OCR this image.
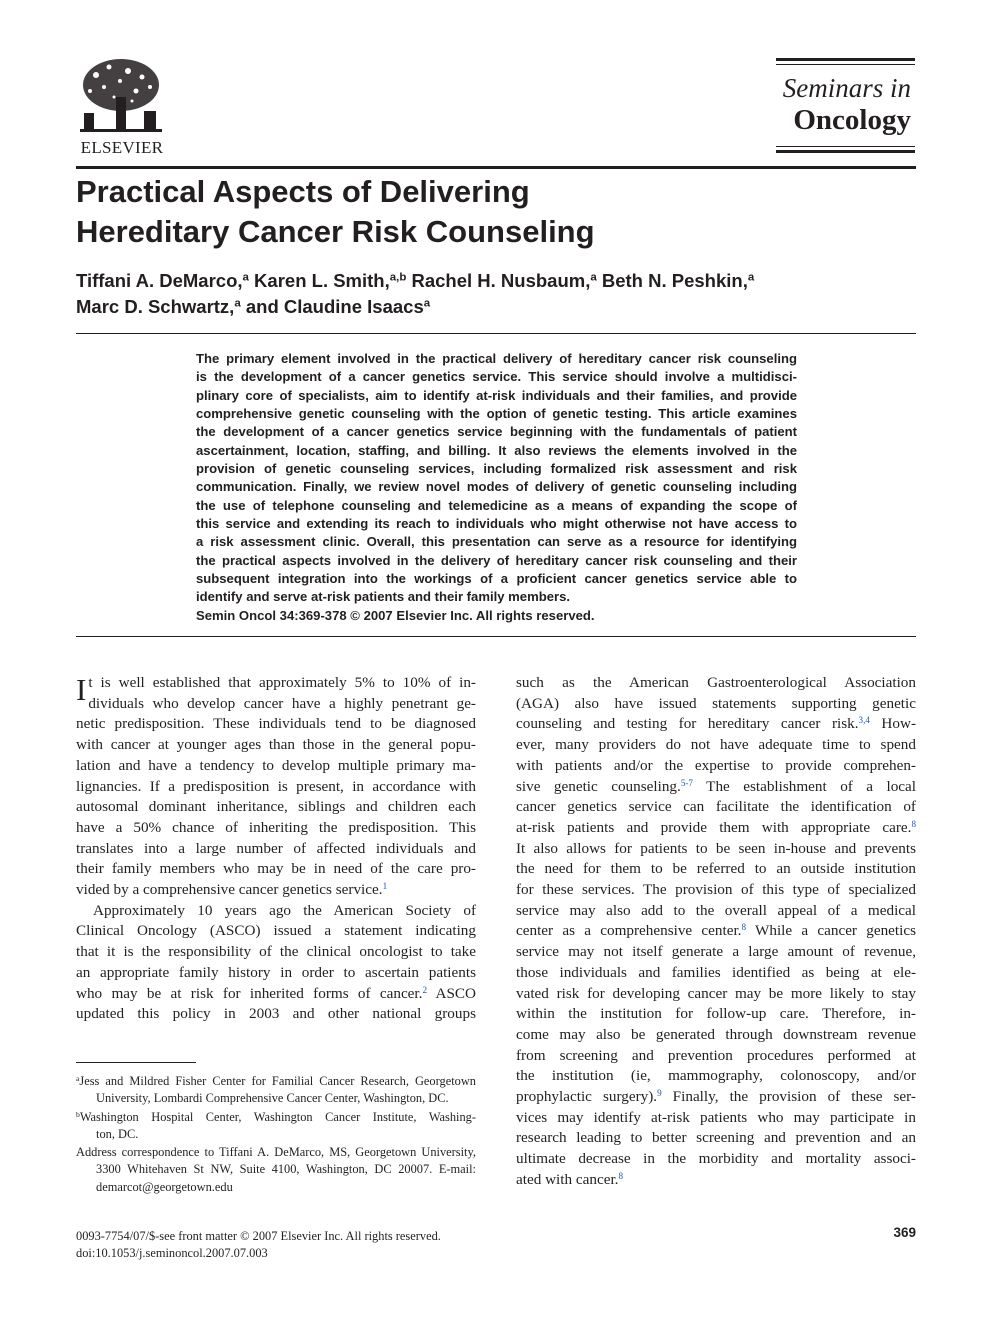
ELSEVIER
Seminars in
Oncology
Practical Aspects of Delivering
Hereditary Cancer Risk Counseling
Tiffani A. DeMarco,$^a$ Karen L. Smith,$^{a,b}$ Rachel H. Nusbaum,$^a$ Beth N. Peshkin,$^a$
Marc D. Schwartz,$^a$ and Claudine Isaacs$^a$
The primary element involved in the practical delivery of hereditary cancer risk counseling
is the development of a cancer genetics service. This service should involve a multidisci-
plinary core of specialists, aim to identify at-risk individuals and their families, and provide
comprehensive genetic counseling with the option of genetic testing. This article examines
the development of a cancer genetics service beginning with the fundamentals of patient
ascertainment, location, staffing, and billing. It also reviews the elements involved in the
provision of genetic counseling services, including formalized risk assessment and risk
communication. Finally, we review novel modes of delivery of genetic counseling including
the use of telephone counseling and telemedicine as a means of expanding the scope of
this service and extending its reach to individuals who might otherwise not have access to
a risk assessment clinic. Overall, this presentation can serve as a resource for identifying
the practical aspects involved in the delivery of hereditary cancer risk counseling and their
subsequent integration into the workings of a proficient cancer genetics service able to
identify and serve at-risk patients and their family members.
Semin Oncol 34:369-378 © 2007 Elsevier Inc. All rights reserved.
I t is well established that approximately 5% to 10% of in-
dividuals who develop cancer have a highly penetrant ge-
netic predisposition. These individuals tend to be diagnosed
with cancer at younger ages than those in the general popu-
lation and have a tendency to develop multiple primary ma-
lignancies. If a predisposition is present, in accordance with
autosomal dominant inheritance, siblings and children each
have a 50% chance of inheriting the predisposition. This
translates into a large number of affected individuals and
their family members who may be in need of the care pro-
vided by a comprehensive cancer genetics service.$^1$
Approximately 10 years ago the American Society of
Clinical Oncology (ASCO) issued a statement indicating
that it is the responsibility of the clinical oncologist to take
an appropriate family history in order to ascertain patients
who may be at risk for inherited forms of cancer.$^2$ ASCO
updated this policy in 2003 and other national groups
such as the American Gastroenterological Association
(AGA) also have issued statements supporting genetic
counseling and testing for hereditary cancer risk.$^{3,4}$ How-
ever, many providers do not have adequate time to spend
with patients and/or the expertise to provide comprehen-
sive genetic counseling.$^{5-7}$ The establishment of a local
cancer genetics service can facilitate the identification of
at-risk patients and provide them with appropriate care.$^8$
It also allows for patients to be seen in-house and prevents
the need for them to be referred to an outside institution
for these services. The provision of this type of specialized
service may also add to the overall appeal of a medical
center as a comprehensive center.$^8$ While a cancer genetics
service may not itself generate a large amount of revenue,
those individuals and families identified as being at ele-
vated risk for developing cancer may be more likely to stay
within the institution for follow-up care. Therefore, in-
come may also be generated through downstream revenue
from screening and prevention procedures performed at
the institution (ie, mammography, colonoscopy, and/or
prophylactic surgery).$^9$ Finally, the provision of these ser-
vices may identify at-risk patients who may participate in
research leading to better screening and prevention and an
ultimate decrease in the morbidity and mortality associ-
ated with cancer.$^8$
$^a$Jess and Mildred Fisher Center for Familial Cancer Research, Georgetown
University, Lombardi Comprehensive Cancer Center, Washington, DC.
$^b$Washington Hospital Center, Washington Cancer Institute, Washing-
ton, DC.
Address correspondence to Tiffani A. DeMarco, MS, Georgetown University,
3300 Whitehaven St NW, Suite 4100, Washington, DC 20007. E-mail:
demarcot@georgetown.edu
0093-7754/07/$-see front matter © 2007 Elsevier Inc. All rights reserved.
doi:10.1053/j.seminoncol.2007.07.003
369
